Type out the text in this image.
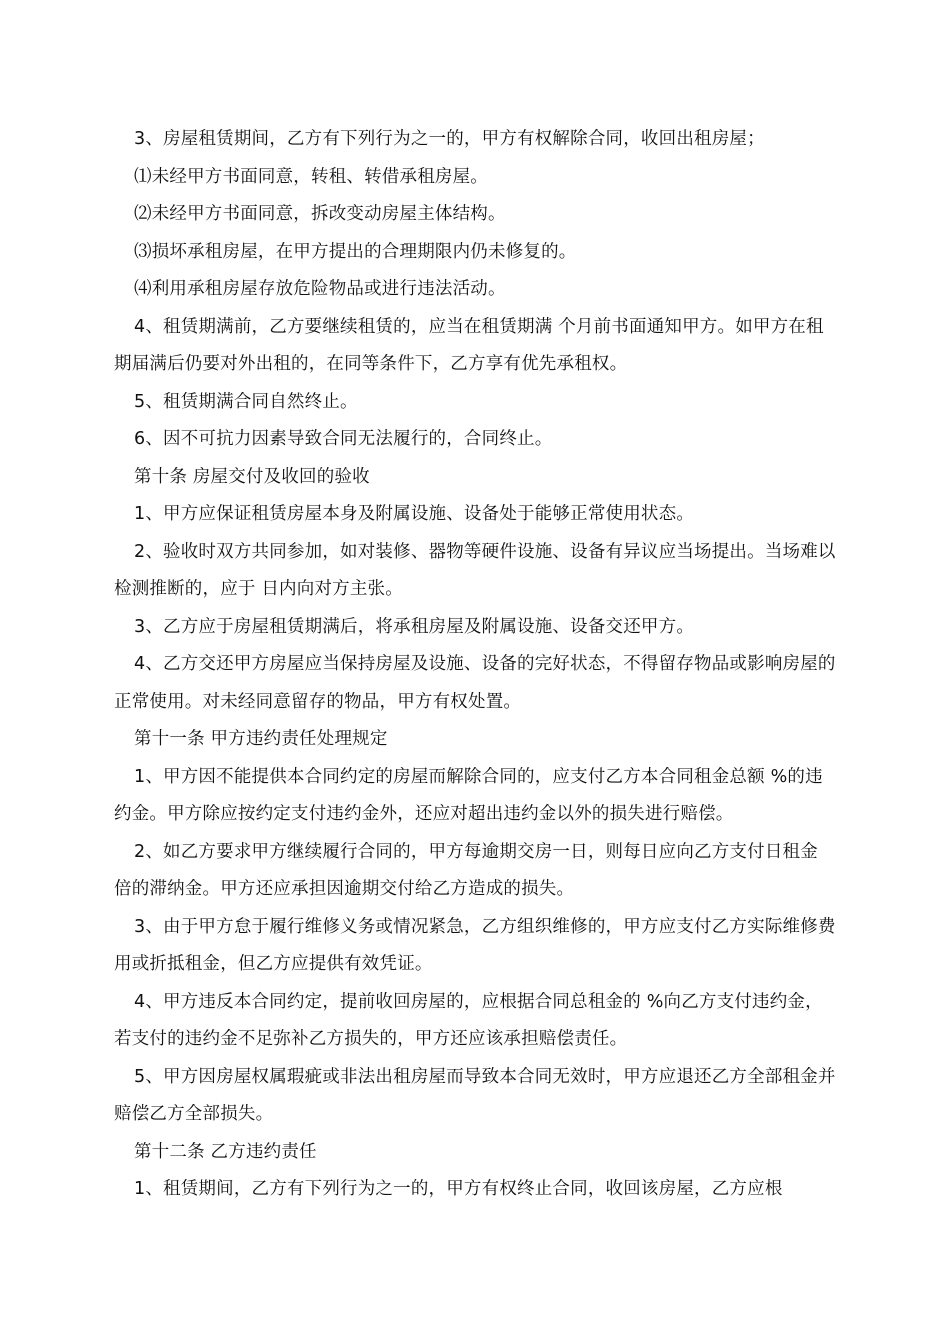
3、房屋租赁期间，乙方有下列行为之一的，甲方有权解除合同，收回出租房屋；

⑴未经甲方书面同意，转租、转借承租房屋。

⑵未经甲方书面同意，拆改变动房屋主体结构。

⑶损坏承租房屋，在甲方提出的合理期限内仍未修复的。

⑷利用承租房屋存放危险物品或进行违法活动。

4、租赁期满前，乙方要继续租赁的，应当在租赁期满 个月前书面通知甲方。如甲方在租期届满后仍要对外出租的，在同等条件下，乙方享有优先承租权。

5、租赁期满合同自然终止。

6、因不可抗力因素导致合同无法履行的，合同终止。

第十条 房屋交付及收回的验收

1、甲方应保证租赁房屋本身及附属设施、设备处于能够正常使用状态。

2、验收时双方共同参加，如对装修、器物等硬件设施、设备有异议应当场提出。当场难以检测推断的，应于 日内向对方主张。

3、乙方应于房屋租赁期满后，将承租房屋及附属设施、设备交还甲方。

4、乙方交还甲方房屋应当保持房屋及设施、设备的完好状态，不得留存物品或影响房屋的正常使用。对未经同意留存的物品，甲方有权处置。

第十一条 甲方违约责任处理规定

1、甲方因不能提供本合同约定的房屋而解除合同的，应支付乙方本合同租金总额 %的违约金。甲方除应按约定支付违约金外，还应对超出违约金以外的损失进行赔偿。

2、如乙方要求甲方继续履行合同的，甲方每逾期交房一日，则每日应向乙方支付日租金 倍的滞纳金。甲方还应承担因逾期交付给乙方造成的损失。

3、由于甲方怠于履行维修义务或情况紧急，乙方组织维修的，甲方应支付乙方实际维修费用或折抵租金，但乙方应提供有效凭证。

4、甲方违反本合同约定，提前收回房屋的，应根据合同总租金的 %向乙方支付违约金，若支付的违约金不足弥补乙方损失的，甲方还应该承担赔偿责任。

5、甲方因房屋权属瑕疵或非法出租房屋而导致本合同无效时，甲方应退还乙方全部租金并赔偿乙方全部损失。

第十二条 乙方违约责任

1、租赁期间，乙方有下列行为之一的，甲方有权终止合同，收回该房屋，乙方应根
